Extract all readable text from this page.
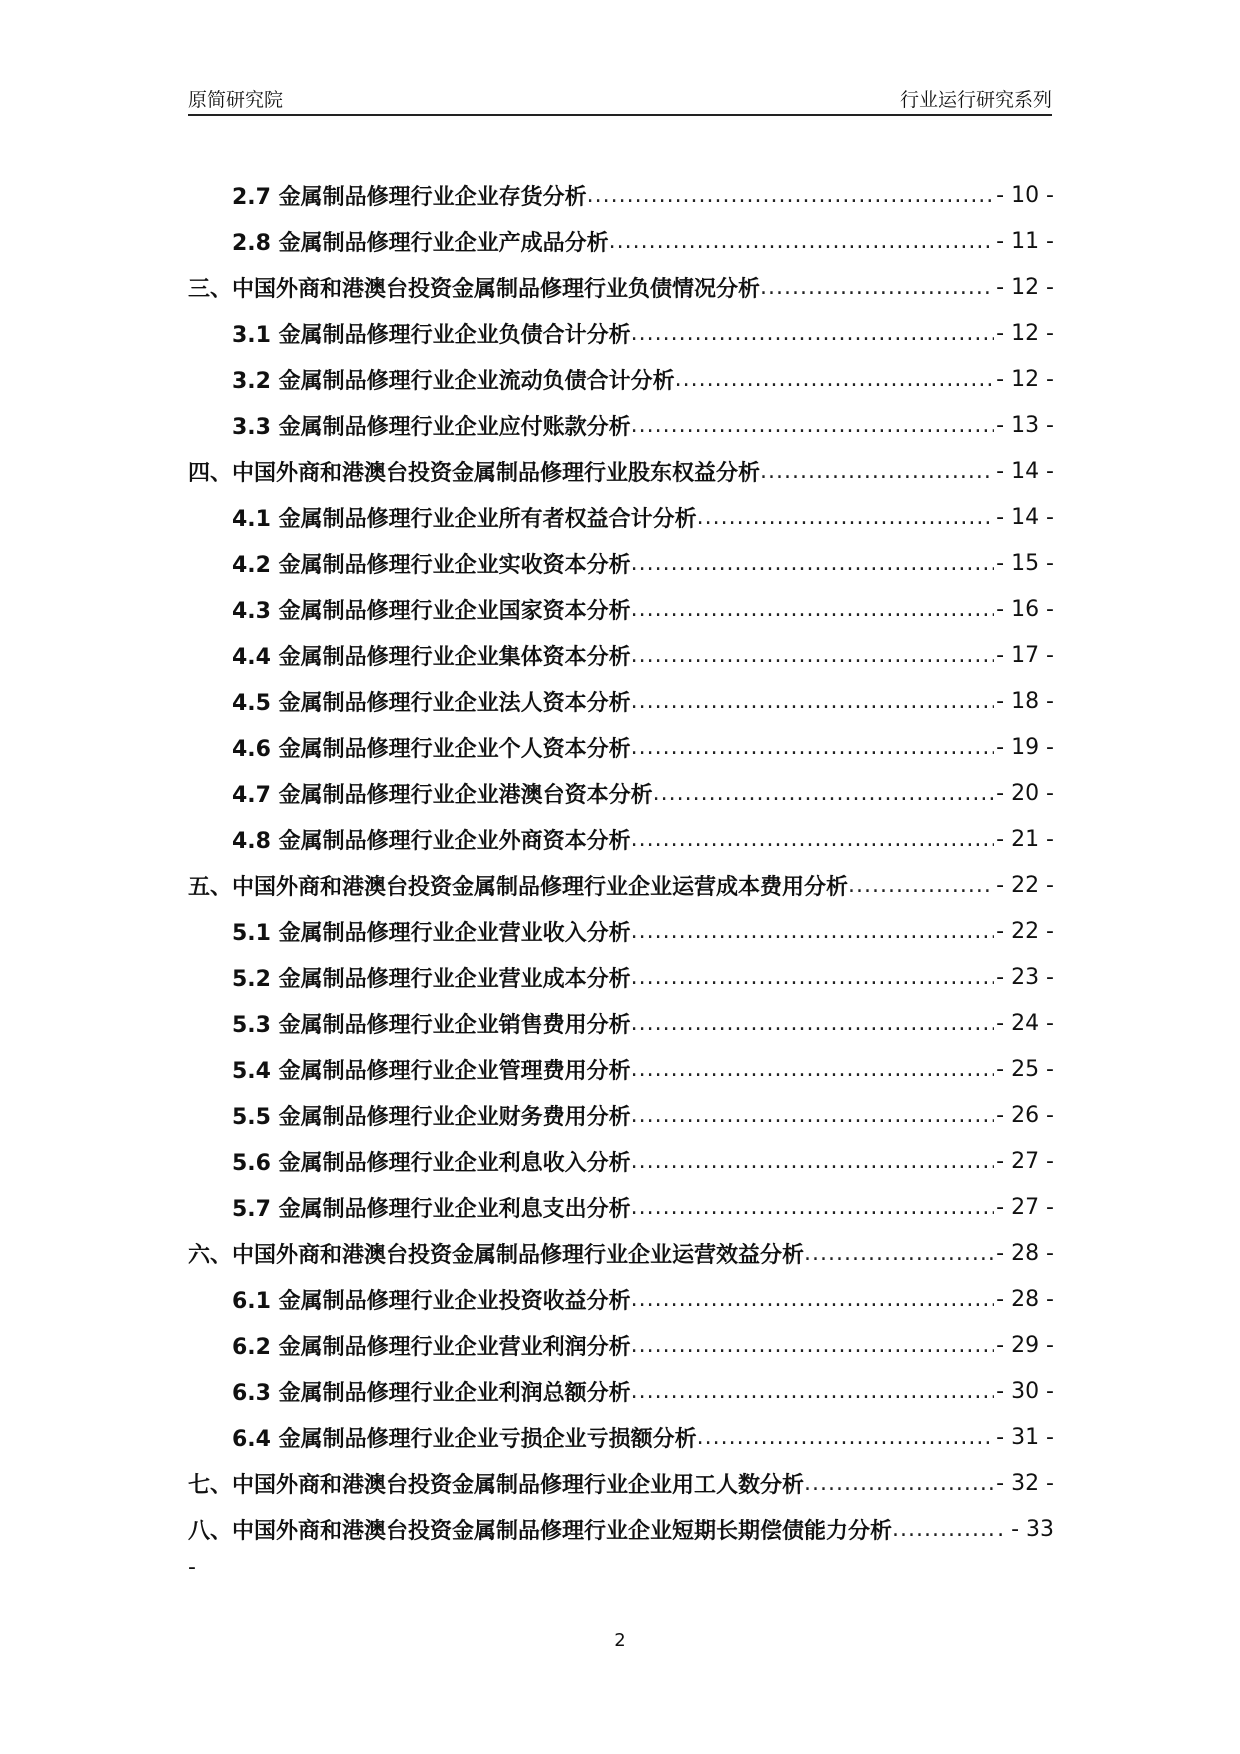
原简研究院	行业运行研究系列
2.7 金属制品修理行业企业存货分析 .....	- 10 -
2.8 金属制品修理行业企业产成品分析 .....	- 11 -
三、中国外商和港澳台投资金属制品修理行业负债情况分析 .....	- 12 -
3.1 金属制品修理行业企业负债合计分析 .....	- 12 -
3.2 金属制品修理行业企业流动负债合计分析 .....	- 12 -
3.3 金属制品修理行业企业应付账款分析 .....	- 13 -
四、中国外商和港澳台投资金属制品修理行业股东权益分析 .....	- 14 -
4.1 金属制品修理行业企业所有者权益合计分析 .....	- 14 -
4.2 金属制品修理行业企业实收资本分析 .....	- 15 -
4.3 金属制品修理行业企业国家资本分析 .....	- 16 -
4.4 金属制品修理行业企业集体资本分析 .....	- 17 -
4.5 金属制品修理行业企业法人资本分析 .....	- 18 -
4.6 金属制品修理行业企业个人资本分析 .....	- 19 -
4.7 金属制品修理行业企业港澳台资本分析 .....	- 20 -
4.8 金属制品修理行业企业外商资本分析 .....	- 21 -
五、中国外商和港澳台投资金属制品修理行业企业运营成本费用分析 .....	- 22 -
5.1 金属制品修理行业企业营业收入分析 .....	- 22 -
5.2 金属制品修理行业企业营业成本分析 .....	- 23 -
5.3 金属制品修理行业企业销售费用分析 .....	- 24 -
5.4 金属制品修理行业企业管理费用分析 .....	- 25 -
5.5 金属制品修理行业企业财务费用分析 .....	- 26 -
5.6 金属制品修理行业企业利息收入分析 .....	- 27 -
5.7 金属制品修理行业企业利息支出分析 .....	- 27 -
六、中国外商和港澳台投资金属制品修理行业企业运营效益分析 .....	- 28 -
6.1 金属制品修理行业企业投资收益分析 .....	- 28 -
6.2 金属制品修理行业企业营业利润分析 .....	- 29 -
6.3 金属制品修理行业企业利润总额分析 .....	- 30 -
6.4 金属制品修理行业企业亏损企业亏损额分析 .....	- 31 -
七、中国外商和港澳台投资金属制品修理行业企业用工人数分析 .....	- 32 -
八、中国外商和港澳台投资金属制品修理行业企业短期长期偿债能力分析 .....	. - 33
-
2
